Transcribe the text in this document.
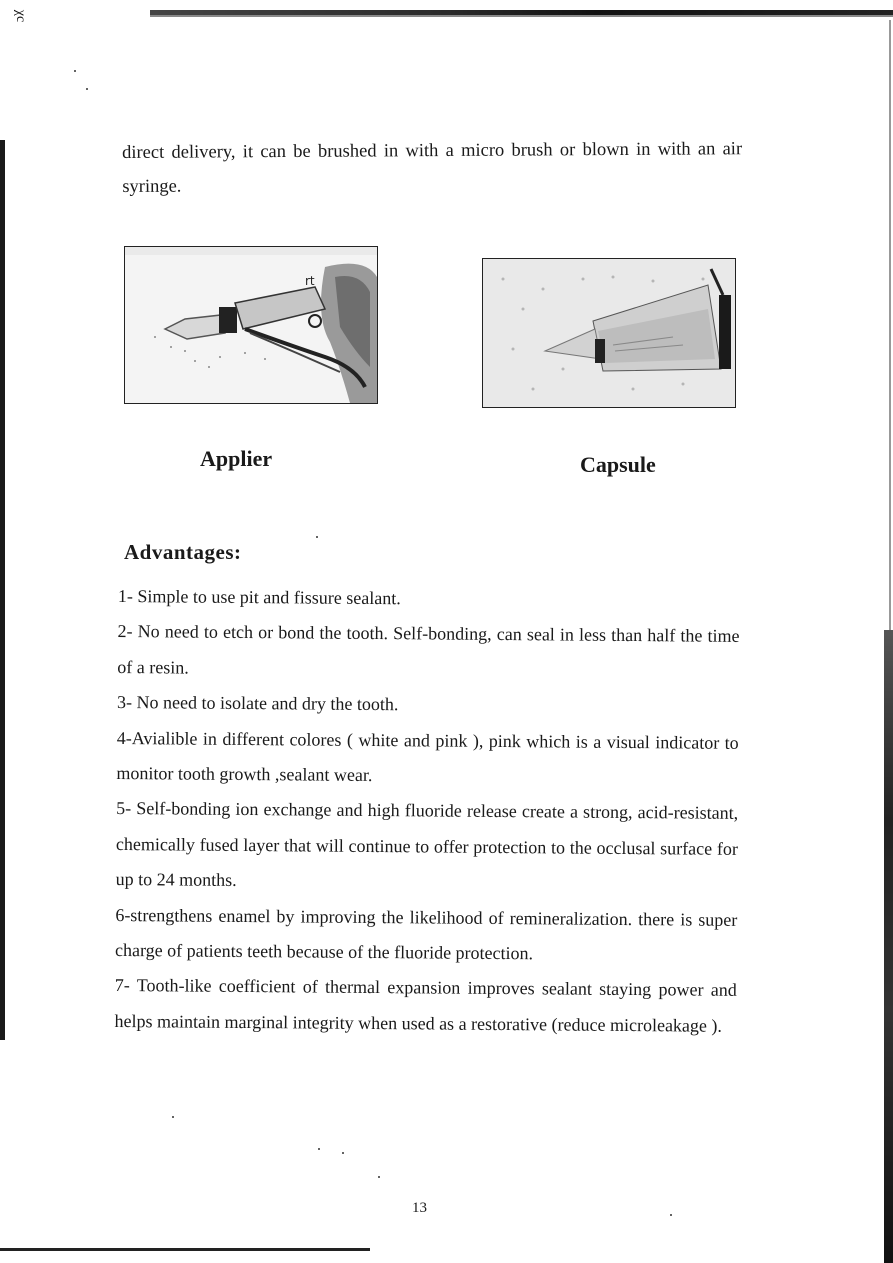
χc
direct delivery, it can be brushed in with a micro brush or blown in with an air syringe.
rt
Applier	Capsule
Advantages:

1- Simple to use pit and fissure sealant.

2- No need to etch or bond the tooth. Self-bonding, can seal in less than half the time of a resin.

3- No need to isolate and dry the tooth.

4-Avialible in different colores ( white and pink ), pink which is a visual indicator to monitor tooth growth ,sealant wear.

5- Self-bonding ion exchange and high fluoride release create a strong, acid-resistant, chemically fused layer that will continue to offer protection to the occlusal surface for up to 24 months.

6-strengthens enamel by improving the likelihood of remineralization. there is super charge of patients teeth because of the fluoride protection.

7- Tooth-like coefficient of thermal expansion improves sealant staying power and helps maintain marginal integrity when used as a restorative (reduce microleakage ).

13
